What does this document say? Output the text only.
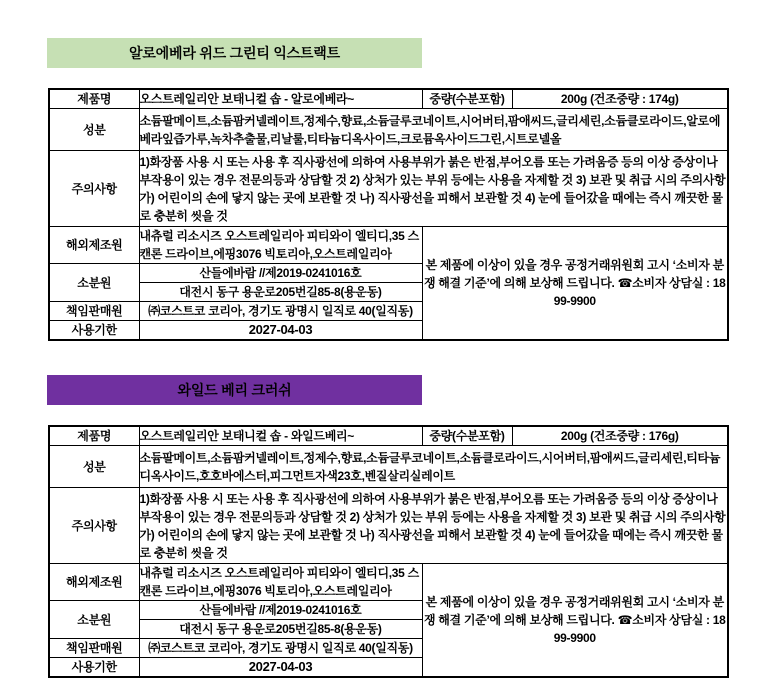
알로에베라 위드 그린티 익스트랙트
제품명	오스트레일리안 보태니컬 솝 - 알로에베라~	중량(수분포함)	200g (건조중량 : 174g)
성분	소듐팔메이트,소듐팜커넬레이트,정제수,향료,소듐글루코네이트,시어버터,팜애씨드,글리세린,소듐클로라이드,알로에베라잎즙가루,녹차추출물,리날룰,티타늄디옥사이드,크로뮴옥사이드그린,시트로넬올		
주의사항	1)화장품 사용 시 또는 사용 후 직사광선에 의하여 사용부위가 붉은 반점,부어오름 또는 가려움증 등의 이상 증상이나 부작용이 있는 경우 전문의등과 상담할 것 2) 상처가 있는 부위 등에는 사용을 자제할 것 3) 보관 및 취급 시의 주의사항 가) 어린이의 손에 닿지 않는 곳에 보관할 것 나) 직사광선을 피해서 보관할 것 4) 눈에 들어갔을 때에는 즉시 깨끗한 물로 충분히 씻을 것		
해외제조원	내츄럴 리소시즈 오스트레일리아 피티와이 엘티디,35 스캔론 드라이브,에핑3076 빅토리아,오스트레일리아	본 제품에 이상이 있을 경우 공정거래위원회 고시 ‘소비자 분쟁 해결 기준’에 의해 보상해 드립니다. ☎소비자 상담실 : 1899-9900	
소분원	산들에바람 //제2019-0241016호		
	대전시 동구 용운로205번길85-8(용운동)		
책임판매원	㈜코스트코 코리아, 경기도 광명시 일직로 40(일직동)		
사용기한	2027-04-03		
와일드 베리 크러쉬
제품명	오스트레일리안 보태니컬 솝 - 와일드베리~	중량(수분포함)	200g (건조중량 : 176g)
성분	소듐팔메이트,소듐팜커넬레이트,정제수,향료,소듐글루코네이트,소듐클로라이드,시어버터,팜애씨드,글리세린,티타늄디옥사이드,호호바에스터,피그먼트자색23호,벤질살리실레이트		
주의사항	1)화장품 사용 시 또는 사용 후 직사광선에 의하여 사용부위가 붉은 반점,부어오름 또는 가려움증 등의 이상 증상이나 부작용이 있는 경우 전문의등과 상담할 것 2) 상처가 있는 부위 등에는 사용을 자제할 것 3) 보관 및 취급 시의 주의사항 가) 어린이의 손에 닿지 않는 곳에 보관할 것 나) 직사광선을 피해서 보관할 것 4) 눈에 들어갔을 때에는 즉시 깨끗한 물로 충분히 씻을 것		
해외제조원	내츄럴 리소시즈 오스트레일리아 피티와이 엘티디,35 스캔론 드라이브,에핑3076 빅토리아,오스트레일리아	본 제품에 이상이 있을 경우 공정거래위원회 고시 ‘소비자 분쟁 해결 기준’에 의해 보상해 드립니다. ☎소비자 상담실 : 1899-9900	
소분원	산들에바람 //제2019-0241016호		
	대전시 동구 용운로205번길85-8(용운동)		
책임판매원	㈜코스트코 코리아, 경기도 광명시 일직로 40(일직동)		
사용기한	2027-04-03		
